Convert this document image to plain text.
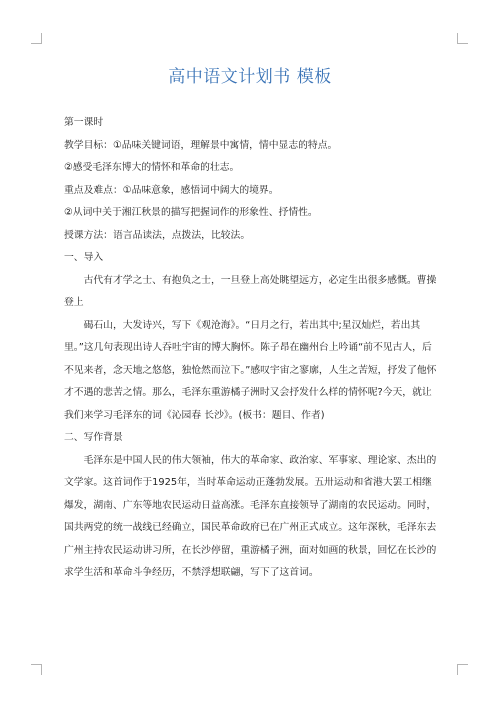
高中语文计划书 模板

第一课时

教学目标：①品味关键词语，理解景中寓情，情中显志的特点。

②感受毛泽东博大的情怀和革命的壮志。

重点及难点：①品味意象，感悟词中阔大的境界。

②从词中关于湘江秋景的描写把握词作的形象性、抒情性。

授课方法：语言品读法，点拨法，比较法。

一、导入

古代有才学之士、有抱负之士，一旦登上高处眺望远方，必定生出很多感慨。曹操登上

碣石山，大发诗兴，写下《观沧海》。“日月之行，若出其中;星汉灿烂，若出其里。”这几句表现出诗人吞吐宇宙的博大胸怀。陈子昂在幽州台上吟诵“前不见古人，后不见来者，念天地之悠悠，独怆然而泣下。”感叹宇宙之寥廓，人生之苦短，抒发了他怀才不遇的悲苦之情。那么，毛泽东重游橘子洲时又会抒发什么样的情怀呢?今天，就让我们来学习毛泽东的词《沁园春 长沙》。(板书：题目、作者)

二、写作背景

毛泽东是中国人民的伟大领袖，伟大的革命家、政治家、军事家、理论家、杰出的文学家。这首词作于1925年，当时革命运动正蓬勃发展。五卅运动和省港大罢工相继爆发，湖南、广东等地农民运动日益高涨。毛泽东直接领导了湖南的农民运动。同时，国共两党的统一战线已经确立，国民革命政府已在广州正式成立。这年深秋，毛泽东去广州主持农民运动讲习所，在长沙停留，重游橘子洲，面对如画的秋景，回忆在长沙的求学生活和革命斗争经历，不禁浮想联翩，写下了这首词。
